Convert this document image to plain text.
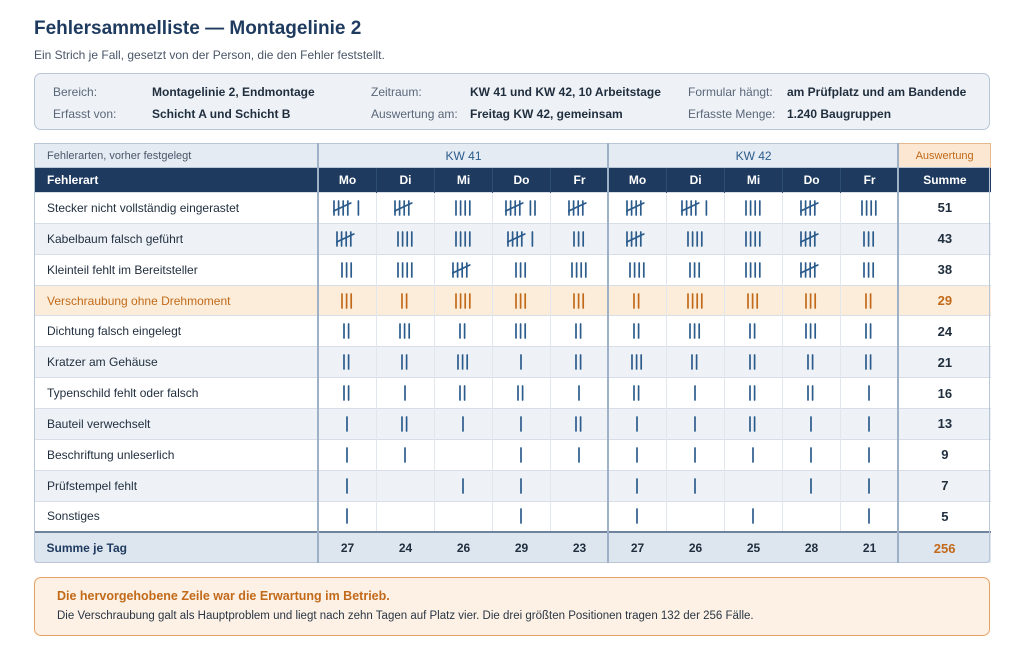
Fehlersammelliste — Montagelinie 2
Ein Strich je Fall, gesetzt von der Person, die den Fehler feststellt.
Bereich:	Montagelinie 2, Endmontage	Zeitraum:	KW 41 und KW 42, 10 Arbeitstage Formular hängt: am Prüfplatz und am Bandende
Erfasst von:	Schicht A und Schicht B	Auswertung am: Freitag KW 42, gemeinsam	Erfasste Menge: 1.240 Baugruppen
Fehlerarten, vorher festgelegt	KW 41					KW 42					Auswertung
Fehlerart	Mo	Di	Mi	Do	Fr	Mo	Di	Mi	Do	Fr	Summe
Stecker nicht vollständig eingerastet											51
Kabelbaum falsch geführt											43
Kleinteil fehlt im Bereitsteller											38
Verschraubung ohne Drehmoment											29
Dichtung falsch eingelegt											24
Kratzer am Gehäuse											21
Typenschild fehlt oder falsch											16
Bauteil verwechselt											13
Beschriftung unleserlich											9
Prüfstempel fehlt											7
Sonstiges											5
Summe je Tag	27	24	26	29	23	27	26	25	28	21	256
Die hervorgehobene Zeile war die Erwartung im Betrieb.
Die Verschraubung galt als Hauptproblem und liegt nach zehn Tagen auf Platz vier. Die drei größten Positionen tragen 132 der 256 Fälle.
